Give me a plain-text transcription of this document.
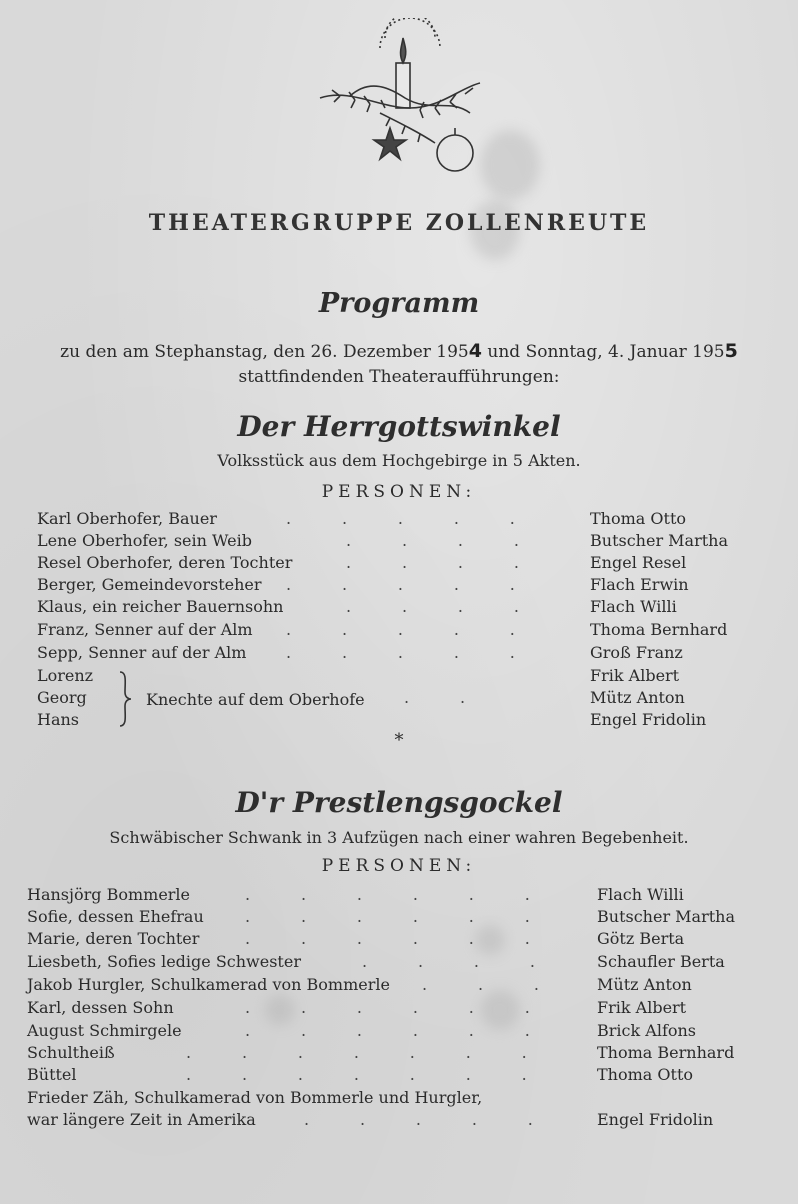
THEATERGRUPPE ZOLLENREUTE
Programm
zu den am Stephanstag, den 26. Dezember 1954 und Sonntag, 4. Januar 1955
stattfindenden Theateraufführungen:
Der Herrgottswinkel
Volksstück aus dem Hochgebirge in 5 Akten.
PERSONEN:
Karl Oberhofer, Bauer	.          .          .          .          .	Thoma Otto
Lene Oberhofer, sein Weib	.          .          .          .	Butscher Martha
Resel Oberhofer, deren Tochter	.          .          .          .	Engel Resel
Berger, Gemeindevorsteher .          .          .          .          .	Flach Erwin
Klaus, ein reicher Bauernsohn	.          .          .          .	Flach Willi
Franz, Senner auf der Alm .          .          .          .          .	Thoma Bernhard
Sepp, Senner auf der Alm .          .          .          .          .	Groß Franz
Lorenz	Frik Albert
Georg	.          .	Mütz Anton
Hans	Engel Fridolin
Knechte auf dem Oberhofe
*
D'r Prestlengsgockel
Schwäbischer Schwank in 3 Aufzügen nach einer wahren Begebenheit.
PERSONEN:
Hansjörg Bommerle	.          .          .          .          .          .	Flach Willi
Sofie, dessen Ehefrau	.          .          .          .          .          .	Butscher Martha
Marie, deren Tochter	.          .          .          .          .          .	Götz Berta
Liesbeth, Sofies ledige Schwester	.          .          .          .	Schaufler Berta
Jakob Hurgler, Schulkamerad von Bommerle .          .          .	Mütz Anton
Karl, dessen Sohn	.          .          .          .          .          .	Frik Albert
August Schmirgele	.          .          .          .          .          .	Brick Alfons
Schultheiß	.          .          .          .          .          .          .	Thoma Bernhard
Büttel	.          .          .          .          .          .          .	Thoma Otto
Frieder Zäh, Schulkamerad von Bommerle und Hurgler,
war längere Zeit in Amerika	.          .          .          .          .	Engel Fridolin
